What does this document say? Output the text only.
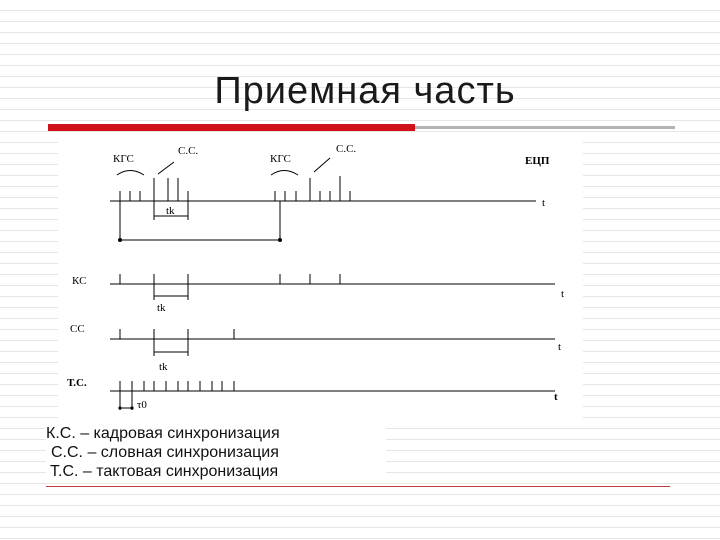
Приемная часть
КГС
С.С.
КГС
С.С.
ЕЦП
t
tk
КС
t
tk
СС
t
tk
Т.С.
t
τ0
К.С. – кадровая синхронизация
С.С. – словная синхронизация
Т.С. – тактовая синхронизация
